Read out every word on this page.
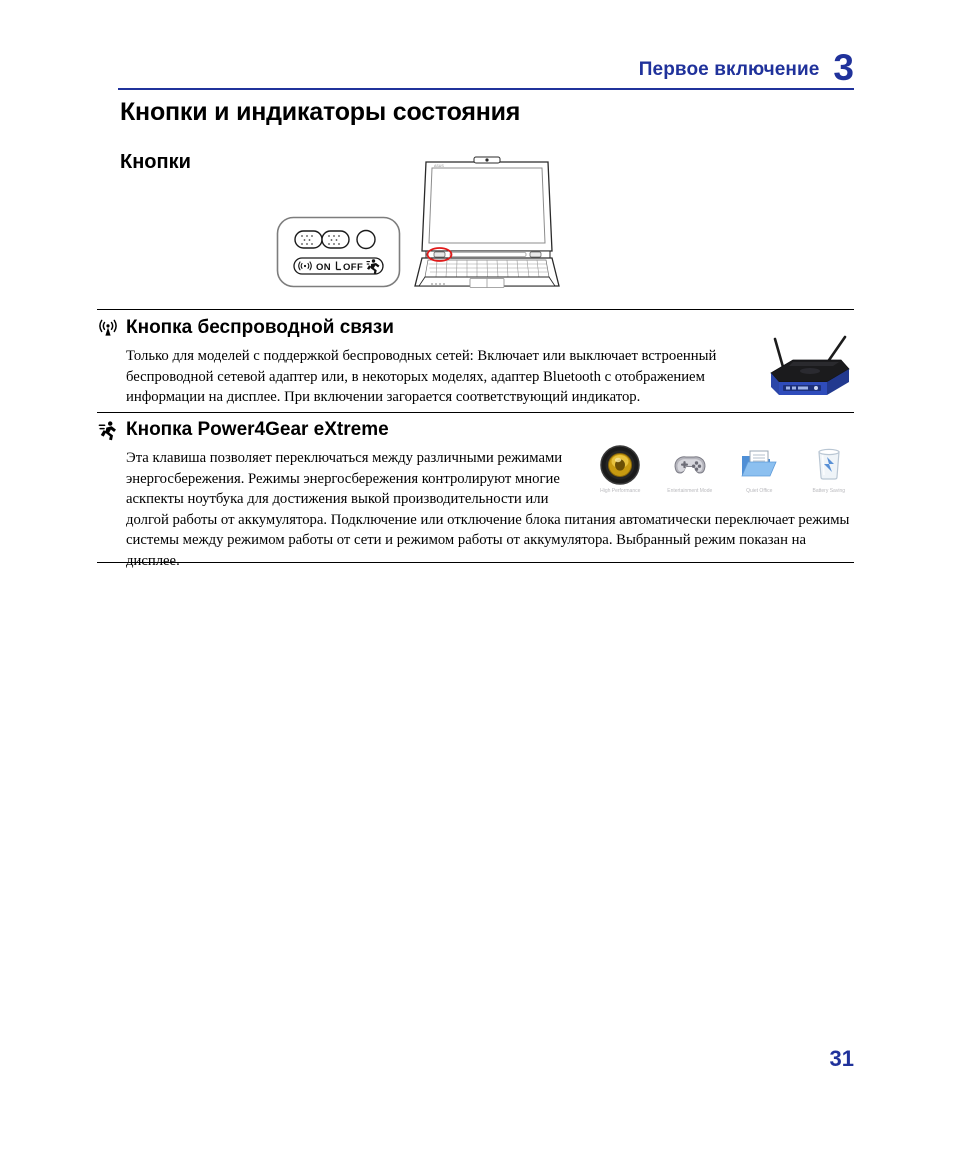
Первое включение 3
Кнопки и индикаторы состояния
Кнопки
ON OFF
ASUS
Кнопка беспроводной связи
Только для моделей с поддержкой беспроводных сетей: Включает или выключает встроенный беспроводной сетевой адаптер или, в некоторых моделях, адаптер Bluetooth с отображением информации на дисплее. При включении загорается соответствующий индикатор.
Кнопка Power4Gear eXtreme
Эта клавиша позволяет переключаться между различными режимами энергосбережения. Режимы энергосбережения контролируют многие аскпекты ноутбука для достижения выкой производительности или
долгой работы от аккумулятора. Подключение или отключение блока питания автоматически переключает режимы системы между режимом работы от сети и режимом работы от аккумулятора. Выбранный режим показан на дисплее.
High Performance	Entertainment Mode	Quiet Office	Battery Saving
31
